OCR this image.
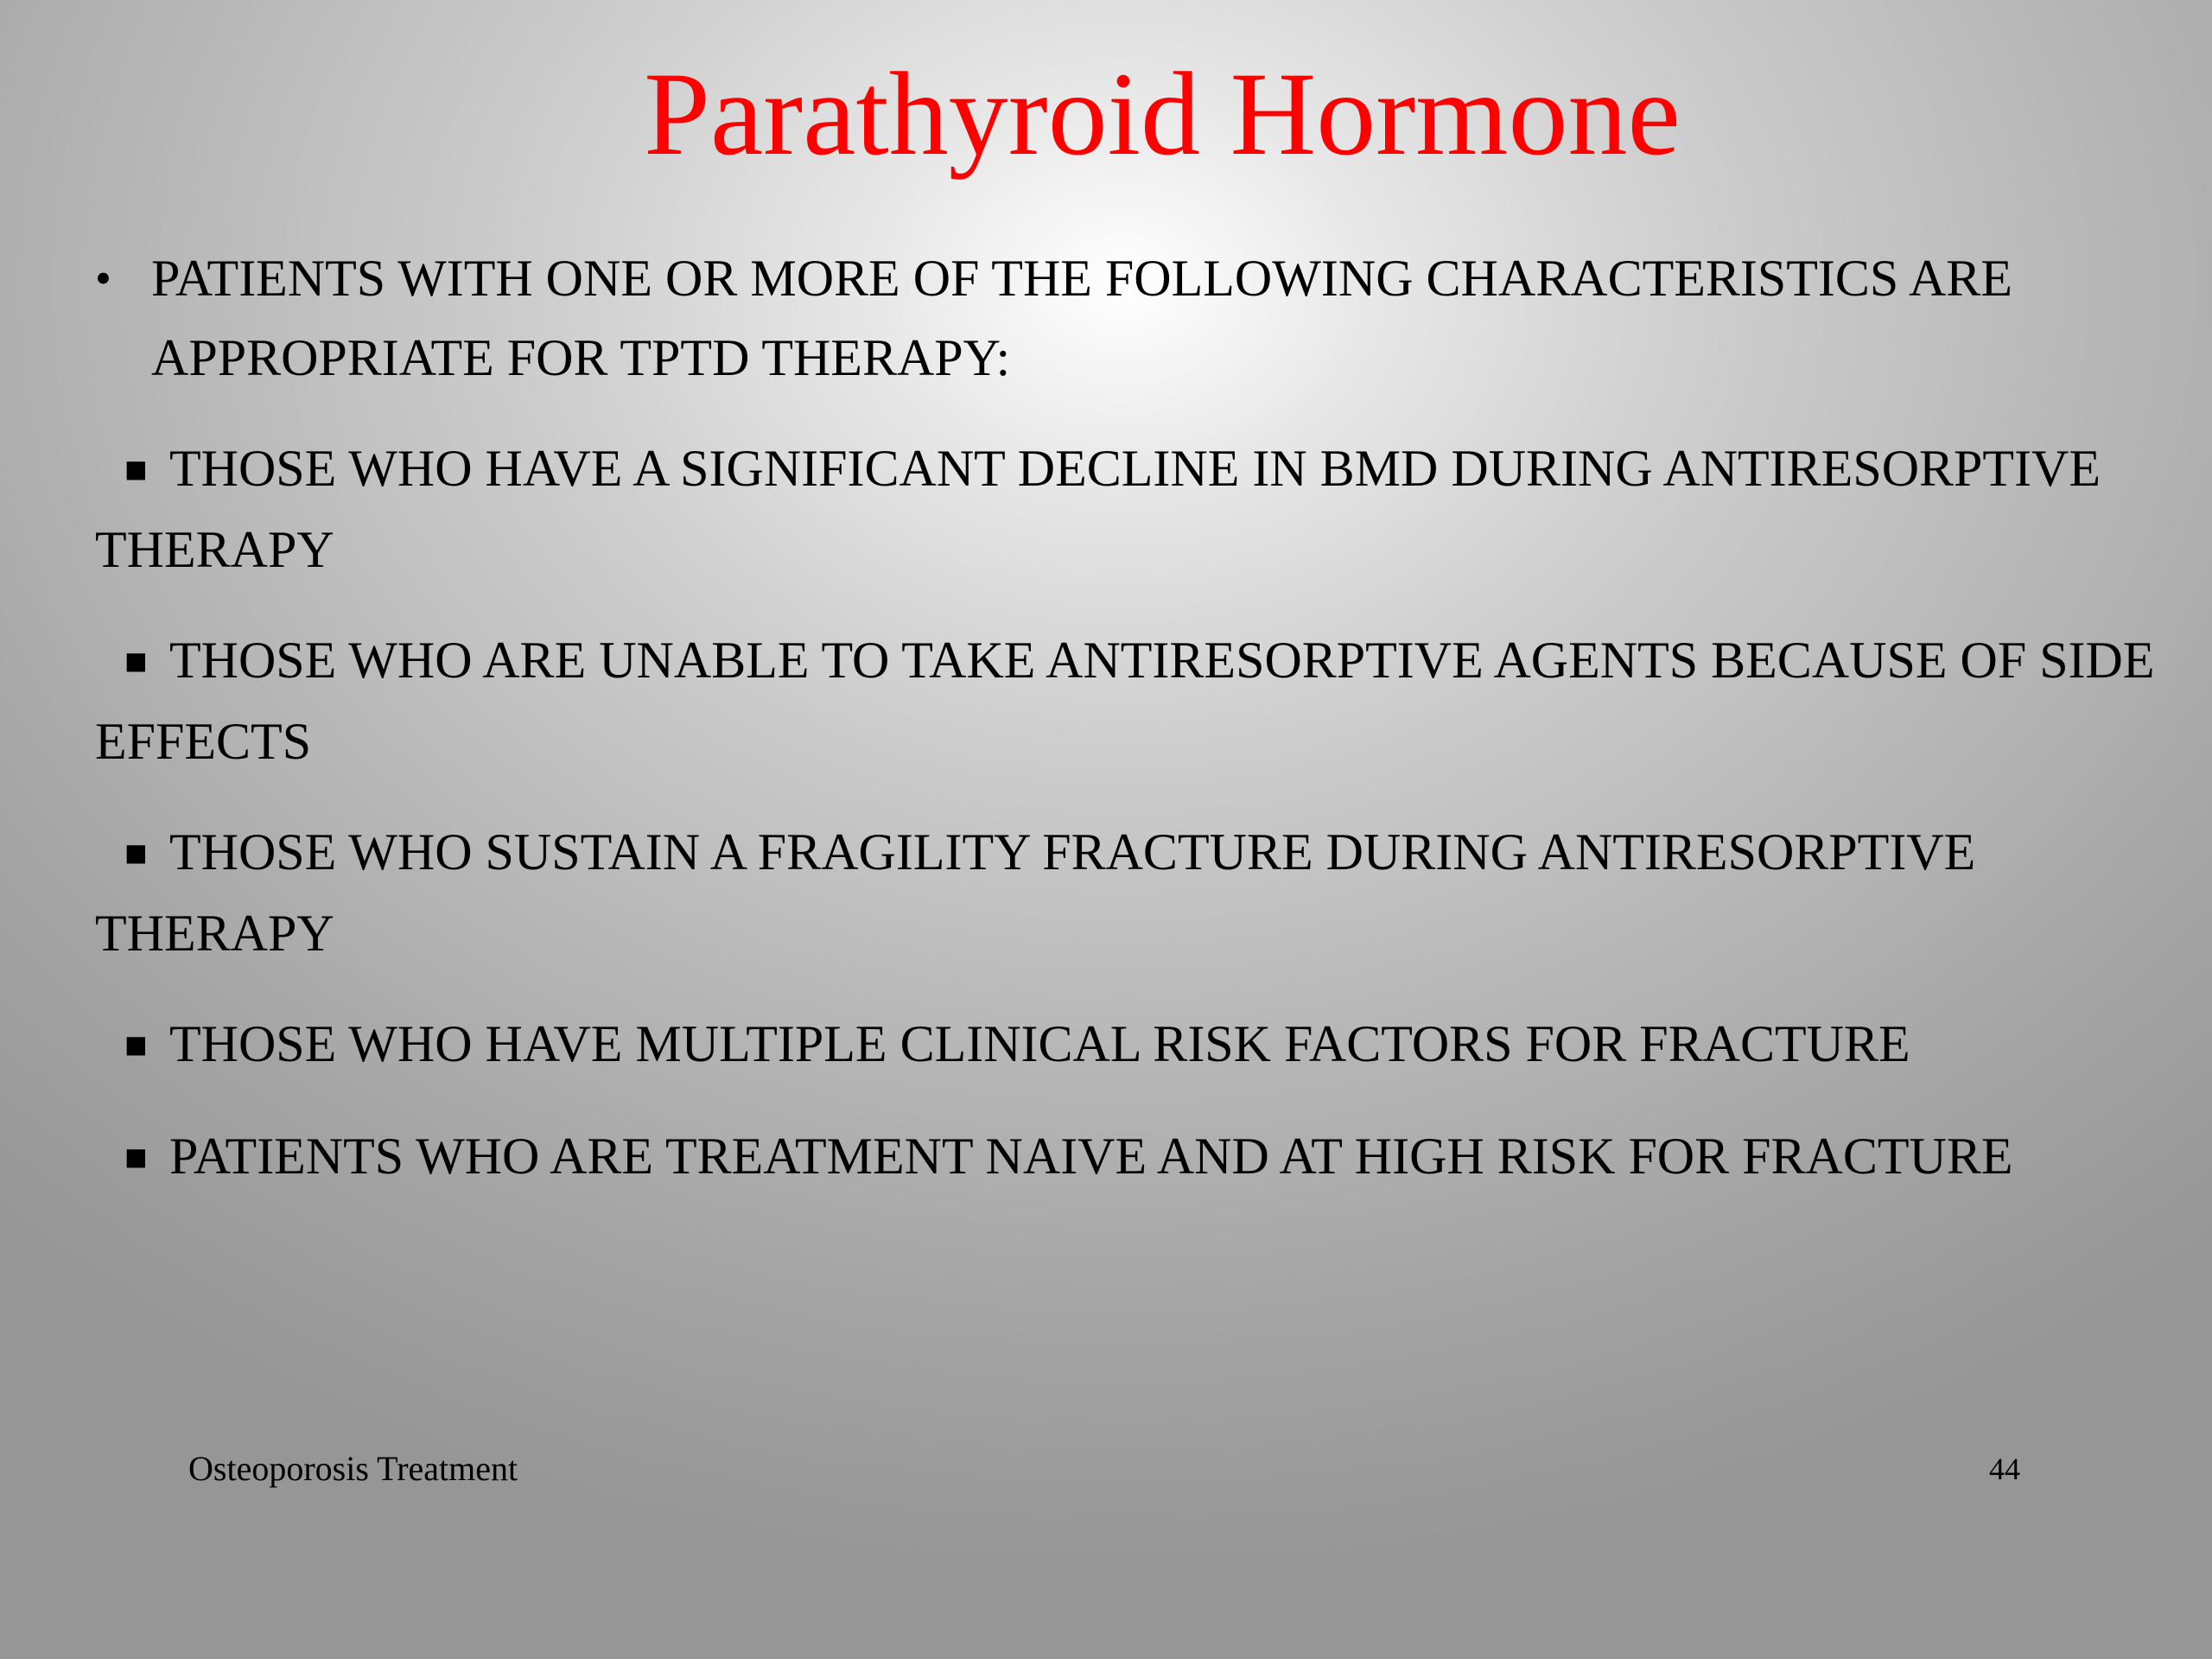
Parathyroid Hormone
• PATIENTS WITH ONE OR MORE OF THE FOLLOWING CHARACTERISTICS ARE APPROPRIATE FOR TPTD THERAPY:
■ THOSE WHO HAVE A SIGNIFICANT DECLINE IN BMD DURING ANTIRESORPTIVE THERAPY
■ THOSE WHO ARE UNABLE TO TAKE ANTIRESORPTIVE AGENTS BECAUSE OF SIDE EFFECTS
■ THOSE WHO SUSTAIN A FRAGILITY FRACTURE DURING ANTIRESORPTIVE THERAPY
■ THOSE WHO HAVE MULTIPLE CLINICAL RISK FACTORS FOR FRACTURE
■ PATIENTS WHO ARE TREATMENT NAIVE AND AT HIGH RISK FOR FRACTURE
Osteoporosis Treatment	44
